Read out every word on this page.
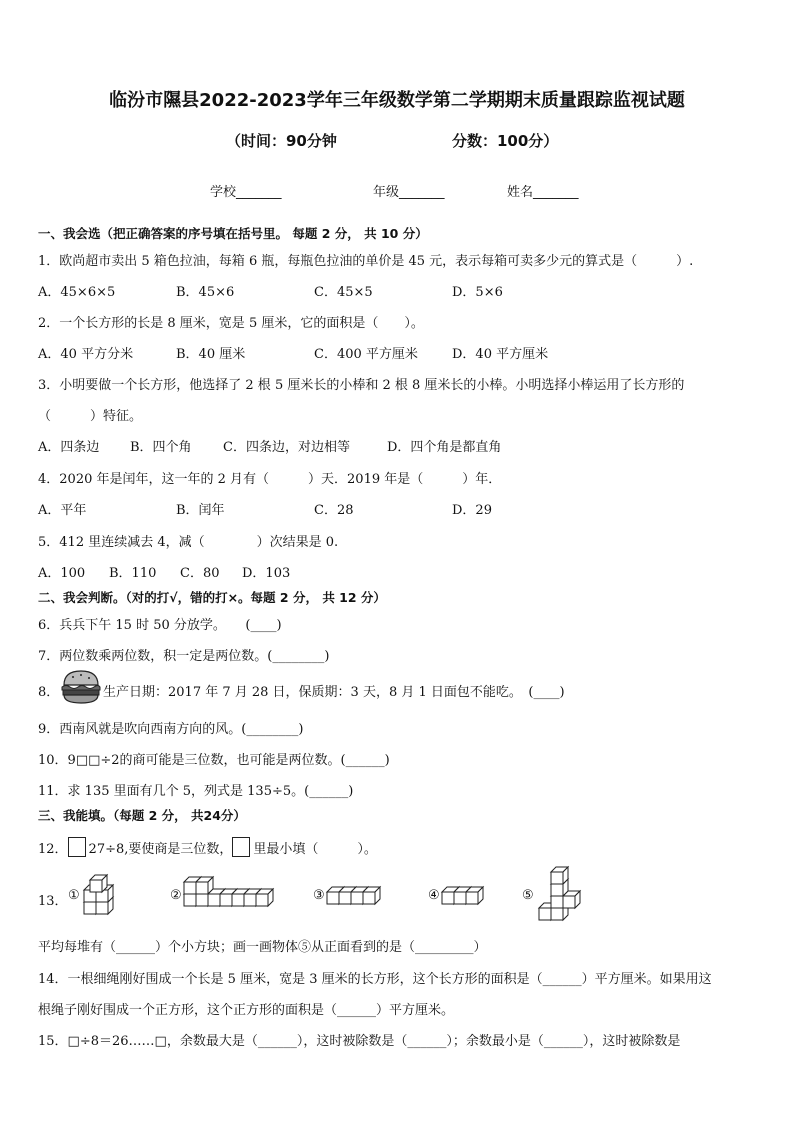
临汾市隰县2022-2023学年三年级数学第二学期期末质量跟踪监视试题
（时间：90分钟	分数：100分）
学校_______	年级_______	姓名_______
一、我会选（把正确答案的序号填在括号里。 每题 2 分， 共 10 分）
1．欧尚超市卖出 5 箱色拉油，每箱 6 瓶，每瓶色拉油的单价是 45 元，表示每箱可卖多少元的算式是（　　　）.
A．45×6×5	B．45×6	C．45×5	D．5×6
2．一个长方形的长是 8 厘米，宽是 5 厘米，它的面积是（　　）。
A．40 平方分米	B．40 厘米	C．400 平方厘米	D．40 平方厘米
3．小明要做一个长方形，他选择了 2 根 5 厘米长的小棒和 2 根 8 厘米长的小棒。小明选择小棒运用了长方形的
（　　　）特征。
A．四条边 B．四个角 C．四条边，对边相等	D．四个角是都直角
4．2020 年是闰年，这一年的 2 月有（　　　）天．2019 年是（　　　）年．
A．平年	B．闰年	C．28	D．29
5．412 里连续减去 4，减（　　　　）次结果是 0.
A．100 B．110 C．80 D．103
二、我会判断。（对的打√，错的打×。每题 2 分， 共 12 分）
6．兵兵下午 15 时 50 分放学。　　(____)
7．两位数乘两位数，积一定是两位数。(________)
8．	生产日期：2017 年 7 月 28 日，保质期：3 天，8 月 1 日面包不能吃。　(____)
9．西南风就是吹向西南方向的风。(________)
10．9□□÷2的商可能是三位数，也可能是两位数。(______)
11．求 135 里面有几个 5，列式是 135÷5。(______)
三、我能填。（每题 2 分， 共24分）
12． 27÷8,要使商是三位数， 里最小填（　　　）。
13． ①	②	③	④	⑤
平均每堆有（______）个小方块；画一画物体⑤从正面看到的是（_________）
14．一根细绳刚好围成一个长是 5 厘米，宽是 3 厘米的长方形，这个长方形的面积是（______）平方厘米。如果用这
根绳子刚好围成一个正方形，这个正方形的面积是（______）平方厘米。
15．□÷8＝26……□，余数最大是（______），这时被除数是（______）；余数最小是（______），这时被除数是
